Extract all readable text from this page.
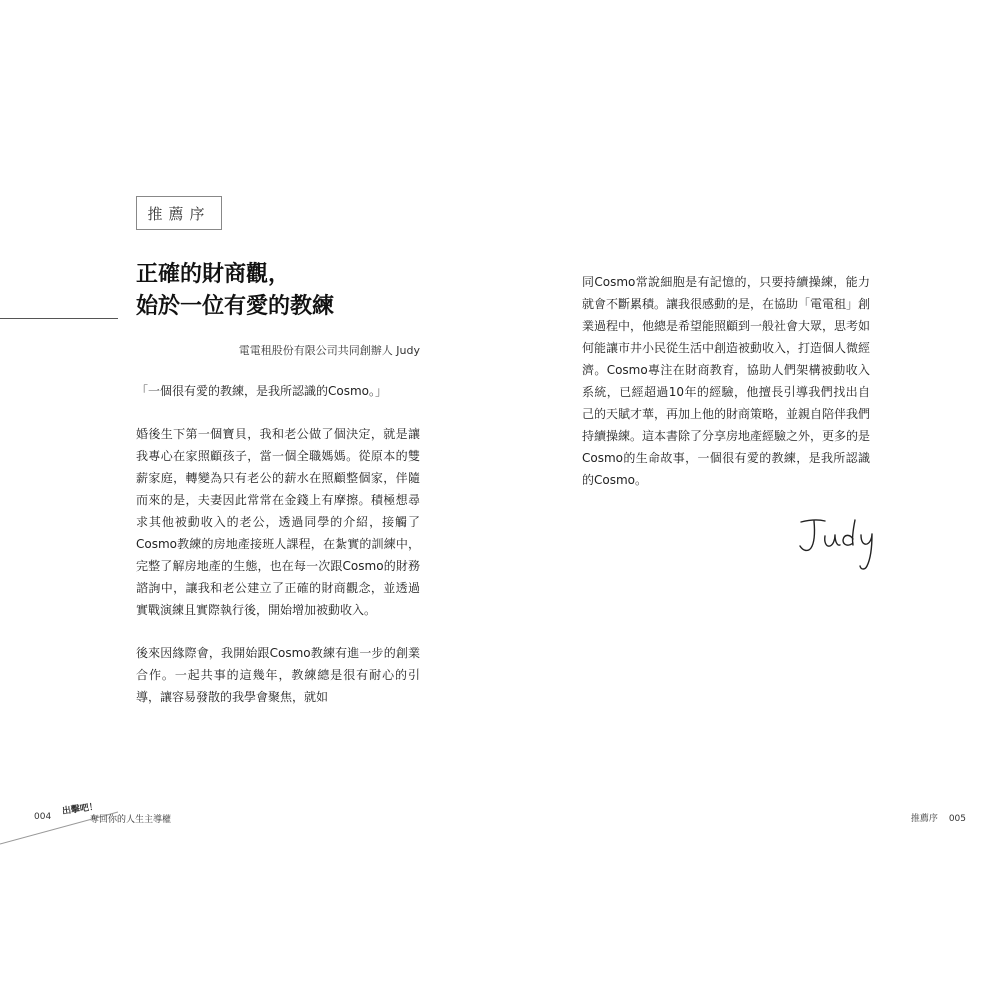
推薦序
正確的財商觀，
始於一位有愛的教練
電電租股份有限公司共同創辦人 Judy

「一個很有愛的教練，是我所認識的Cosmo。」

婚後生下第一個寶貝，我和老公做了個決定，就是讓我專心在家照顧孩子，當一個全職媽媽。從原本的雙薪家庭，轉變為只有老公的薪水在照顧整個家，伴隨而來的是，夫妻因此常常在金錢上有摩擦。積極想尋求其他被動收入的老公，透過同學的介紹，接觸了Cosmo教練的房地產接班人課程，在紮實的訓練中，完整了解房地產的生態，也在每一次跟Cosmo的財務諮詢中，讓我和老公建立了正確的財商觀念，並透過實戰演練且實際執行後，開始增加被動收入。

後來因緣際會，我開始跟Cosmo教練有進一步的創業合作。一起共事的這幾年，教練總是很有耐心的引導，讓容易發散的我學會聚焦，就如

同Cosmo常說細胞是有記憶的，只要持續操練，能力就會不斷累積。讓我很感動的是，在協助「電電租」創業過程中，他總是希望能照顧到一般社會大眾，思考如何能讓市井小民從生活中創造被動收入，打造個人微經濟。Cosmo專注在財商教育，協助人們架構被動收入系統，已經超過10年的經驗，他擅長引導我們找出自己的天賦才華，再加上他的財商策略，並親自陪伴我們持續操練。這本書除了分享房地產經驗之外，更多的是Cosmo的生命故事，一個很有愛的教練，是我所認識的Cosmo。

004
出擊吧！
奪回你的人生主導權	推薦序 005
